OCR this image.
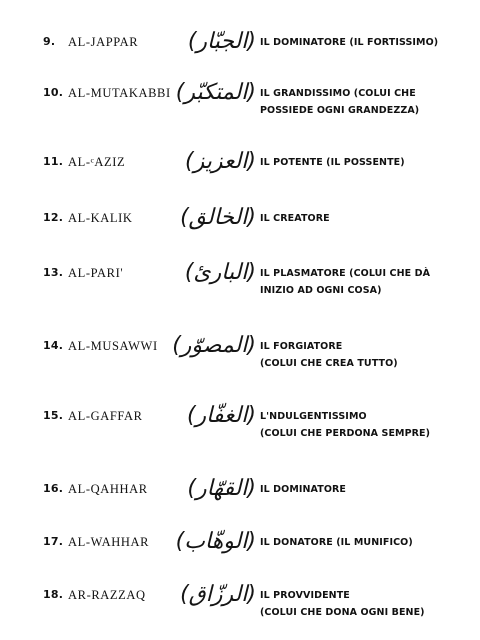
9. AL-JAPPAR	(الجبّار) IL DOMINATORE (IL FORTISSIMO)
10. AL-MUTAKABBI (المتكبّر) IL GRANDISSIMO (COLUI CHE
POSSIEDE OGNI GRANDEZZA)
11. AL-ᶜAZIZ	(العزيز) IL POTENTE (IL POSSENTE)
12. AL-KALIK	(الخالق) IL CREATORE
13. AL-PARI'	(البارئ) IL PLASMATORE (COLUI CHE DÀ
INIZIO AD OGNI COSA)
14. AL-MUSAWWI (المصوّر) IL FORGIATORE
(COLUI CHE CREA TUTTO)
15. AL-GAFFAR	(الغفّار) L'NDULGENTISSIMO
(COLUI CHE PERDONA SEMPRE)
16. AL-QAHHAR	(القهّار) IL DOMINATORE
17. AL-WAHHAR	(الوهّاب) IL DONATORE (IL MUNIFICO)
18. AR-RAZZAQ	(الرزّاق) IL PROVVIDENTE
(COLUI CHE DONA OGNI BENE)
